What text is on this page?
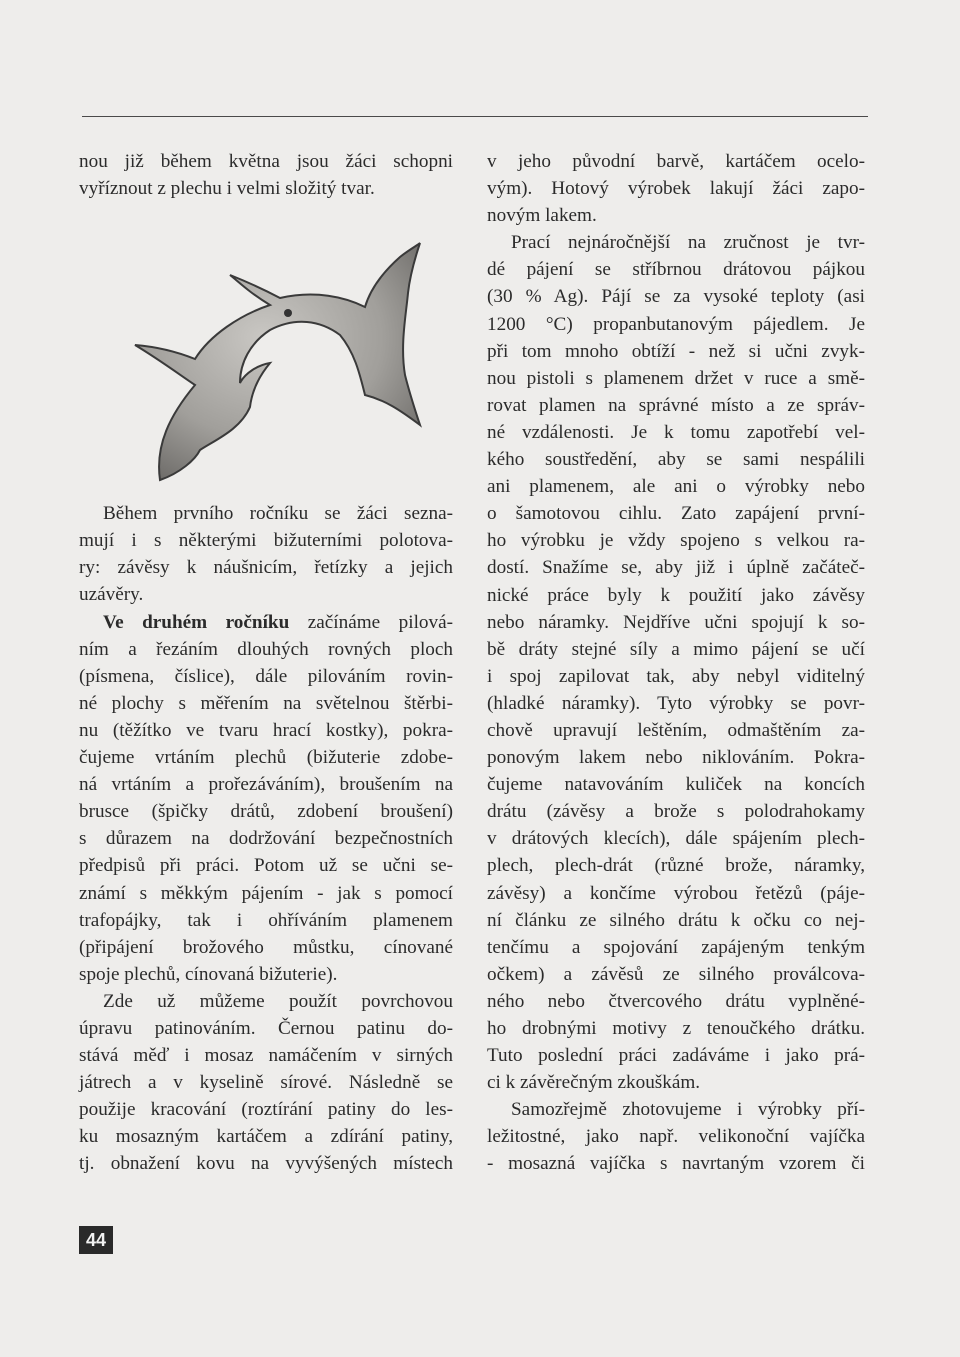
nou již během května jsou žáci schopni
vyříznout z plechu i velmi složitý tvar.
Během prvního ročníku se žáci sezna-
mují i s některými bižuterními polotova-
ry: závěsy k náušnicím, řetízky a jejich
uzávěry.
Ve druhém ročníku začínáme pilová-
ním a řezáním dlouhých rovných ploch
(písmena, číslice), dále pilováním rovin-
né plochy s měřením na světelnou štěrbi-
nu (těžítko ve tvaru hrací kostky), pokra-
čujeme vrtáním plechů (bižuterie zdobe-
ná vrtáním a prořezáváním), broušením na
brusce (špičky drátů, zdobení broušení)
s důrazem na dodržování bezpečnostních
předpisů při práci. Potom už se učni se-
známí s měkkým pájením - jak s pomocí
trafopájky, tak i ohříváním plamenem
(připájení brožového můstku, cínované
spoje plechů, cínovaná bižuterie).
Zde už můžeme použít povrchovou
úpravu patinováním. Černou patinu do-
stává měď i mosaz namáčením v sirných
játrech a v kyselině sírové. Následně se
použije kracování (roztírání patiny do les-
ku mosazným kartáčem a zdírání patiny,
tj. obnažení kovu na vyvýšených místech
v jeho původní barvě, kartáčem ocelo-
vým). Hotový výrobek lakují žáci zapo-
novým lakem.
Prací nejnáročnější na zručnost je tvr-
dé pájení se stříbrnou drátovou pájkou
(30 % Ag). Pájí se za vysoké teploty (asi
1200 °C) propanbutanovým pájedlem. Je
při tom mnoho obtíží - než si učni zvyk-
nou pistoli s plamenem držet v ruce a smě-
rovat plamen na správné místo a ze správ-
né vzdálenosti. Je k tomu zapotřebí vel-
kého soustředění, aby se sami nespálili
ani plamenem, ale ani o výrobky nebo
o šamotovou cihlu. Zato zapájení první-
ho výrobku je vždy spojeno s velkou ra-
dostí. Snažíme se, aby již i úplně začáteč-
nické práce byly k použití jako závěsy
nebo náramky. Nejdříve učni spojují k so-
bě dráty stejné síly a mimo pájení se učí
i spoj zapilovat tak, aby nebyl viditelný
(hladké náramky). Tyto výrobky se povr-
chově upravují leštěním, odmaštěním za-
ponovým lakem nebo niklováním. Pokra-
čujeme natavováním kuliček na koncích
drátu (závěsy a brože s polodrahokamy
v drátových klecích), dále spájením plech-
plech, plech-drát (různé brože, náramky,
závěsy) a končíme výrobou řetězů (páje-
ní článku ze silného drátu k očku co nej-
tenčímu a spojování zapájeným tenkým
očkem) a závěsů ze silného proválcova-
ného nebo čtvercového drátu vyplněné-
ho drobnými motivy z tenoučkého drátku.
Tuto poslední práci zadáváme i jako prá-
ci k závěrečným zkouškám.
Samozřejmě zhotovujeme i výrobky pří-
ležitostné, jako např. velikonoční vajíčka
- mosazná vajíčka s navrtaným vzorem či
44
